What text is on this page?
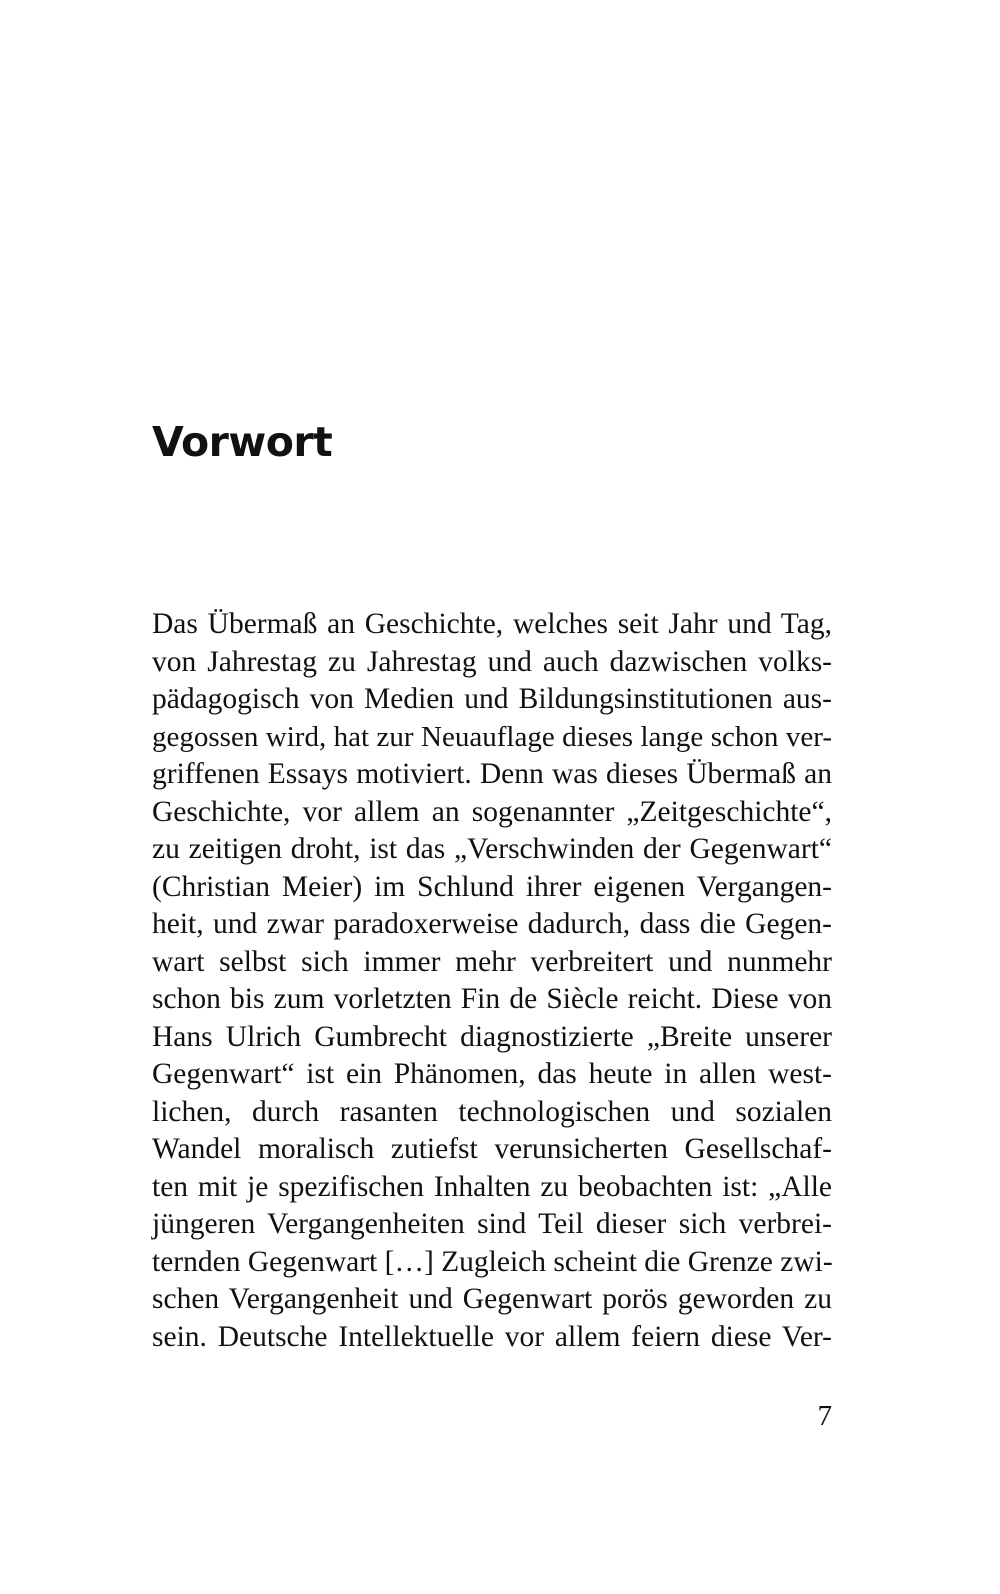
Vorwort
Das Übermaß an Geschichte, welches seit Jahr und Tag,
von Jahrestag zu Jahrestag und auch dazwischen volks-
pädagogisch von Medien und Bildungsinstitutionen aus-
gegossen wird, hat zur Neuauflage dieses lange schon ver-
griffenen Essays motiviert. Denn was dieses Übermaß an
Geschichte, vor allem an sogenannter „Zeitgeschichte“,
zu zeitigen droht, ist das „Verschwinden der Gegenwart“
(Christian Meier) im Schlund ihrer eigenen Vergangen-
heit, und zwar paradoxerweise dadurch, dass die Gegen-
wart selbst sich immer mehr verbreitert und nunmehr
schon bis zum vorletzten Fin de Siècle reicht. Diese von
Hans Ulrich Gumbrecht diagnostizierte „Breite unserer
Gegenwart“ ist ein Phänomen, das heute in allen west-
lichen, durch rasanten technologischen und sozialen
Wandel moralisch zutiefst verunsicherten Gesellschaf-
ten mit je spezifischen Inhalten zu beobachten ist: „Alle
jüngeren Vergangenheiten sind Teil dieser sich verbrei-
ternden Gegenwart […] Zugleich scheint die Grenze zwi-
schen Vergangenheit und Gegenwart porös geworden zu
sein. Deutsche Intellektuelle vor allem feiern diese Ver-
7
